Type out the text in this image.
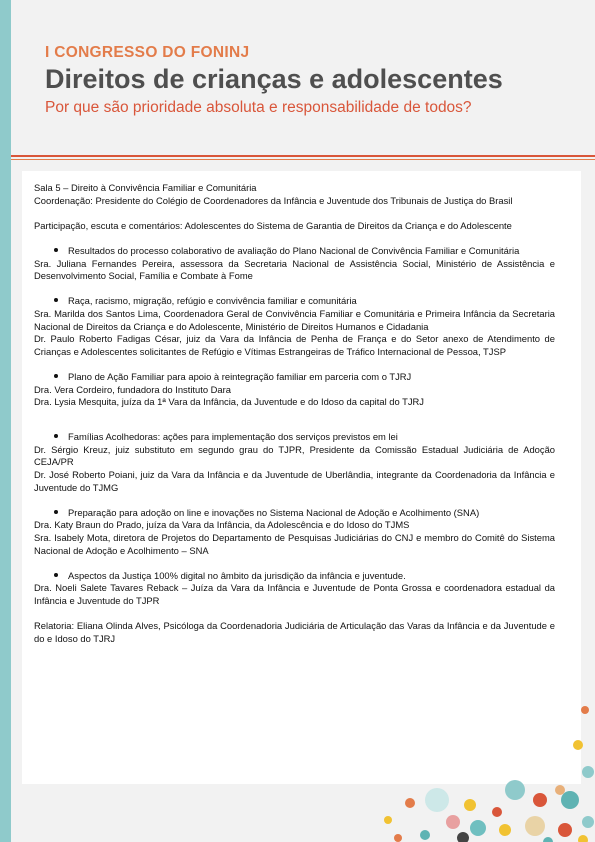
I CONGRESSO DO FONINJ

Direitos de crianças e adolescentes

Por que são prioridade absoluta e responsabilidade de todos?

Sala 5 – Direito à Convivência Familiar e Comunitária

Coordenação: Presidente do Colégio de Coordenadores da Infância e Juventude dos Tribunais de Justiça do Brasil

Participação, escuta e comentários: Adolescentes do Sistema de Garantia de Direitos da Criança e do Adolescente

Resultados do processo colaborativo de avaliação do Plano Nacional de Convivência Familiar e Comunitária

Sra. Juliana Fernandes Pereira, assessora da Secretaria Nacional de Assistência Social, Ministério de Assistência e Desenvolvimento Social, Família e Combate à Fome

Raça, racismo, migração, refúgio e convivência familiar e comunitária

Sra. Marilda dos Santos Lima, Coordenadora Geral de Convivência Familiar e Comunitária e Primeira Infância da Secretaria Nacional de Direitos da Criança e do Adolescente, Ministério de Direitos Humanos e Cidadania

Dr. Paulo Roberto Fadigas César, juiz da Vara da Infância de Penha de França e do Setor anexo de Atendimento de Crianças e Adolescentes solicitantes de Refúgio e Vítimas Estrangeiras de Tráfico Internacional de Pessoa, TJSP

Plano de Ação Familiar para apoio à reintegração familiar em parceria com o TJRJ

Dra. Vera Cordeiro, fundadora do Instituto Dara

Dra. Lysia Mesquita, juíza da 1ª Vara da Infância, da Juventude e do Idoso da capital do TJRJ

Famílias Acolhedoras: ações para implementação dos serviços previstos em lei

Dr. Sérgio Kreuz, juiz substituto em segundo grau do TJPR, Presidente da Comissão Estadual Judiciária de Adoção CEJA/PR

Dr. José Roberto Poiani, juiz da Vara da Infância e da Juventude de Uberlândia, integrante da Coordenadoria da Infância e Juventude do TJMG

Preparação para adoção on line e inovações no Sistema Nacional de Adoção e Acolhimento (SNA)

Dra. Katy Braun do Prado, juíza da Vara da Infância, da Adolescência e do Idoso do TJMS

Sra. Isabely Mota, diretora de Projetos do Departamento de Pesquisas Judiciárias do CNJ e membro do Comitê do Sistema Nacional de Adoção e Acolhimento – SNA

Aspectos da Justiça 100% digital no âmbito da jurisdição da infância e juventude.

Dra. Noeli Salete Tavares Reback – Juíza da Vara da Infância e Juventude de Ponta Grossa e coordenadora estadual da Infância e Juventude do TJPR

Relatoria: Eliana Olinda Alves, Psicóloga da Coordenadoria Judiciária de Articulação das Varas da Infância e da Juventude e do e Idoso do TJRJ
